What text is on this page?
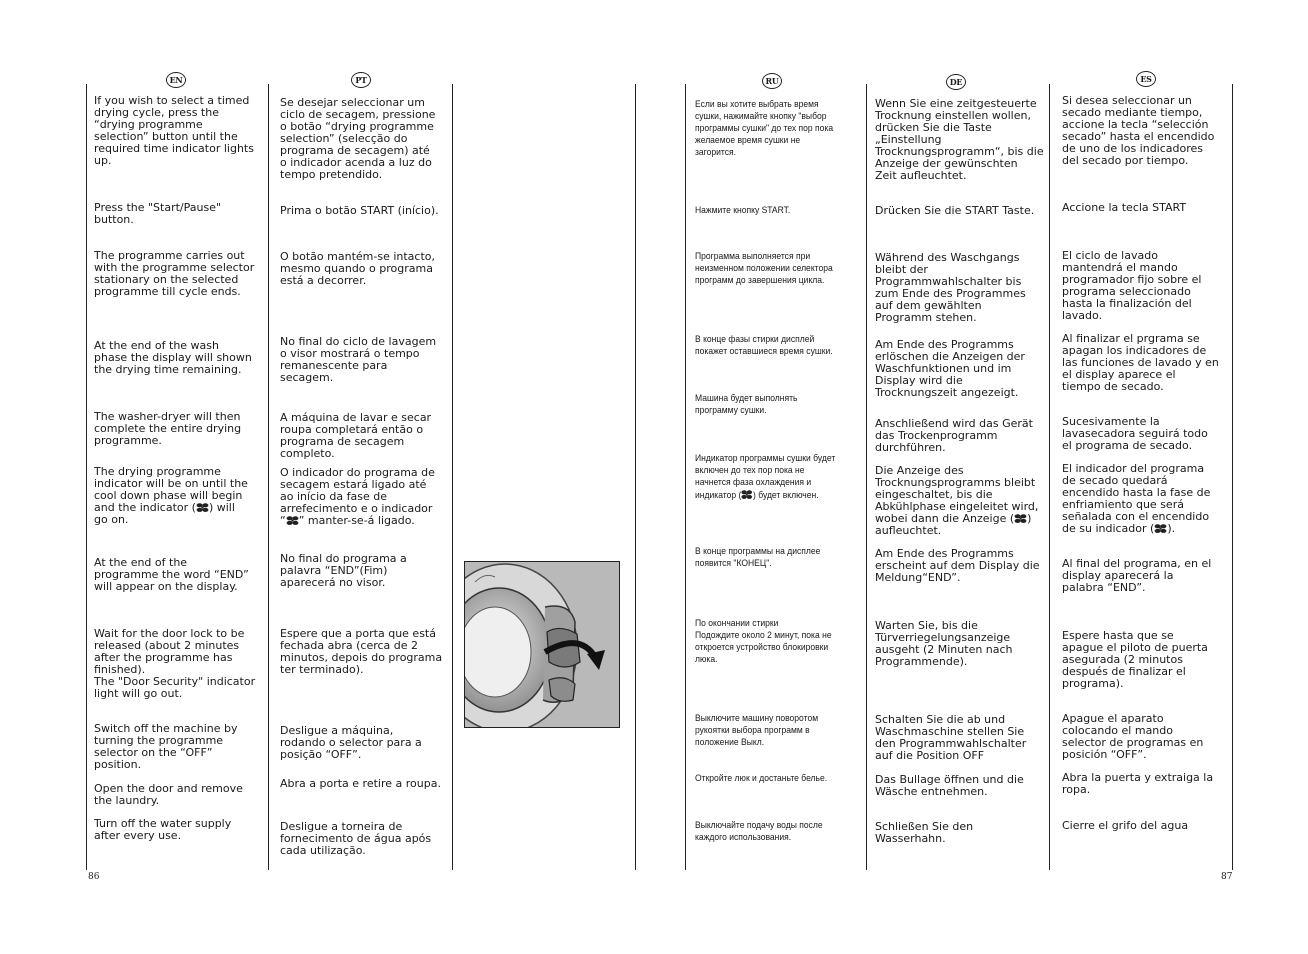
EN	PT	RU	DE	ES

If you wish to select a timed
drying cycle, press the
“drying programme
selection” button until the
required time indicator lights
up.

Press the "Start/Pause"
button.

The programme carries out
with the programme selector
stationary on the selected
programme till cycle ends.

At the end of the wash
phase the display will shown
the drying time remaining.

The washer-dryer will then
complete the entire drying
programme.

The drying programme
indicator will be on until the
cool down phase will begin
and the indicator ( ) will
go on.

At the end of the
programme the word “END”
will appear on the display.

Wait for the door lock to be
released (about 2 minutes
after the programme has
finished).
The "Door Security" indicator
light will go out.

Switch off the machine by
turning the programme
selector on the “OFF”
position.

Open the door and remove
the laundry.

Turn off the water supply
after every use.

Se desejar seleccionar um
ciclo de secagem, pressione
o botão “drying programme
selection” (selecção do
programa de secagem) até
o indicador acenda a luz do
tempo pretendido.

Prima o botão START (início).

O botão mantém-se intacto,
mesmo quando o programa
está a decorrer.

No final do ciclo de lavagem
o visor mostrará o tempo
remanescente para
secagem.

A máquina de lavar e secar
roupa completará então o
programa de secagem
completo.

O indicador do programa de
secagem estará ligado até
ao início da fase de
arrefecimento e o indicador
“ ” manter-se-á ligado.

No final do programa a
palavra “END”(Fim)
aparecerá no visor.

Espere que a porta que está
fechada abra (cerca de 2
minutos, depois do programa
ter terminado).

Desligue a máquina,
rodando o selector para a
posição “OFF”.

Abra a porta e retire a roupa.

Desligue a torneira de
fornecimento de água após
cada utilização.

Если вы хотите выбрать время
сушки, нажимайте кнопку "выбор
программы сушки" до тех пор пока
желаемое время сушки не
загорится.

Нажмите кнопку START.

Программа выполняется при
неизменном положении селектора
программ до завершения цикла.

В конце фазы стирки дисплей
покажет оставшиеся время сушки.

Машина будет выполнять
программу сушки.

Индикатор программы сушки будет
включен до тех пор пока не
начнется фаза охлаждения и
индикатор ( ) будет включен.

В конце программы на дисплее
появится "КОНЕЦ".

По окончании стирки
Подождите около 2 минут, пока не
откроется устройство блокировки
люка.

Выключите машину поворотом
рукоятки выбора программ в
положение Выкл.

Откройте люк и достаньте белье.

Выключайте подачу воды после
каждого использования.

Wenn Sie eine zeitgesteuerte
Trocknung einstellen wollen,
drücken Sie die Taste
„Einstellung
Trocknungsprogramm“, bis die
Anzeige der gewünschten
Zeit aufleuchtet.

Drücken Sie die START Taste.

Während des Waschgangs
bleibt der
Programmwahlschalter bis
zum Ende des Programmes
auf dem gewählten
Programm stehen.

Am Ende des Programms
erlöschen die Anzeigen der
Waschfunktionen und im
Display wird die
Trocknungszeit angezeigt.

Anschließend wird das Gerät
das Trockenprogramm
durchführen.

Die Anzeige des
Trocknungsprogramms bleibt
eingeschaltet, bis die
Abkühlphase eingeleitet wird,
wobei dann die Anzeige ( )
aufleuchtet.

Am Ende des Programms
erscheint auf dem Display die
Meldung“END”.

Warten Sie, bis die
Türverriegelungsanzeige
ausgeht (2 Minuten nach
Programmende).

Schalten Sie die ab und
Waschmaschine stellen Sie
den Programmwahlschalter
auf die Position OFF

Das Bullage öffnen und die
Wäsche entnehmen.

Schließen Sie den
Wasserhahn.

Si desea seleccionar un
secado mediante tiempo,
accione la tecla “selección
secado” hasta el encendido
de uno de los indicadores
del secado por tiempo.

Accione la tecla START

El ciclo de lavado
mantendrá el mando
programador fijo sobre el
programa seleccionado
hasta la finalización del
lavado.

Al finalizar el prgrama se
apagan los indicadores de
las funciones de lavado y en
el display aparece el
tiempo de secado.

Sucesivamente la
lavasecadora seguirá todo
el programa de secado.

El indicador del programa
de secado quedará
encendido hasta la fase de
enfriamiento que será
señalada con el encendido
de su indicador ( ).

Al final del programa, en el
display aparecerá la
palabra “END”.

Espere hasta que se
apague el piloto de puerta
asegurada (2 minutos
después de finalizar el
programa).

Apague el aparato
colocando el mando
selector de programas en
posición “OFF”.

Abra la puerta y extraiga la
ropa.

Cierre el grifo del agua

86	87
